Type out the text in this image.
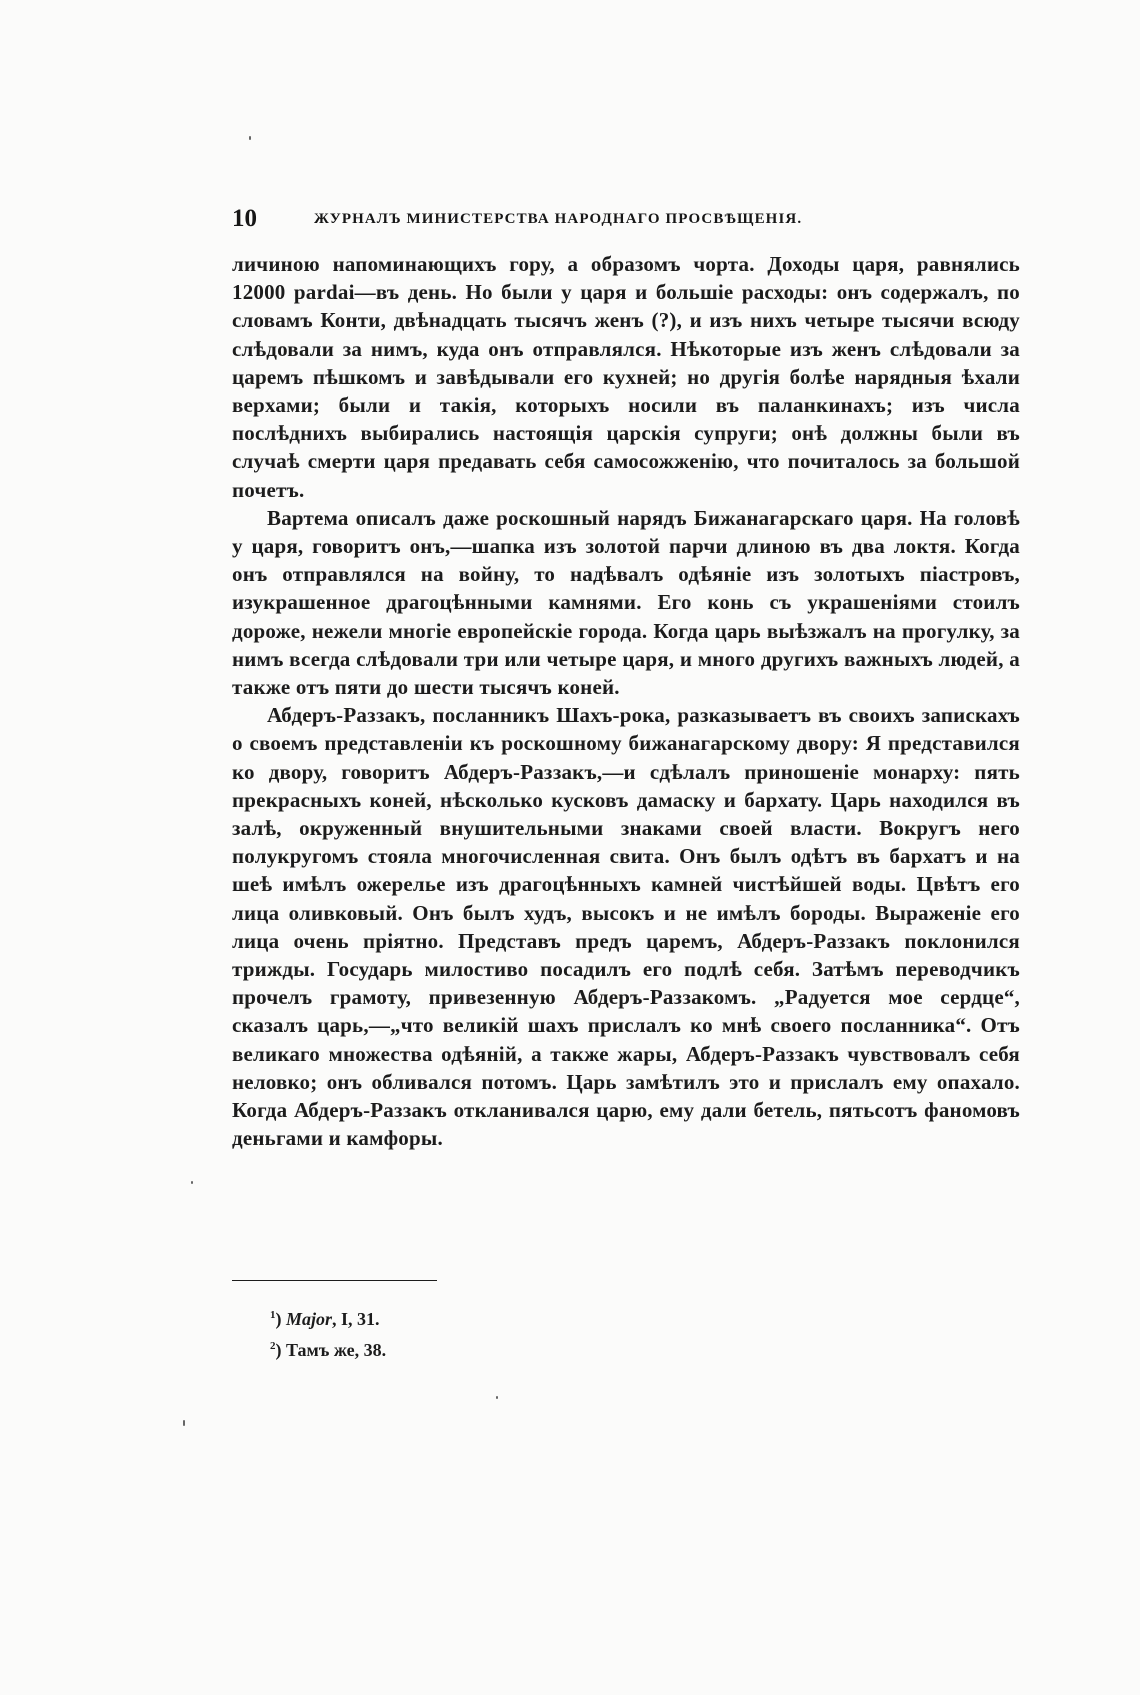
10	ЖУРНАЛЪ МИНИСТЕРСТВА НАРОДНАГО ПРОСВѢЩЕНІЯ.

личиною напоминающихъ гору, а образомъ чорта. Доходы царя, равнялись 12000 pardai—въ день. Но были у царя и большіе расходы: онъ содержалъ, по словамъ Конти, двѣнадцать тысячъ женъ (?), и изъ нихъ четыре тысячи всюду слѣдовали за нимъ, куда онъ отправлялся. Нѣкоторые изъ женъ слѣдовали за царемъ пѣшкомъ и завѣдывали его кухней; но другія болѣе нарядныя ѣхали верхами; были и такія, которыхъ носили въ паланкинахъ; изъ числа послѣднихъ выбирались настоящія царскія супруги; онѣ должны были въ случаѣ смерти царя предавать себя самосожженію, что почиталось за большой почетъ.

Вартема описалъ даже роскошный нарядъ Бижанагарскаго царя. На головѣ у царя, говоритъ онъ,—шапка изъ золотой парчи длиною въ два локтя. Когда онъ отправлялся на войну, то надѣвалъ одѣяніе изъ золотыхъ піастровъ, изукрашенное драгоцѣнными камнями. Его конь съ украшеніями стоилъ дороже, нежели многіе европейскіе города. Когда царь выѣзжалъ на прогулку, за нимъ всегда слѣдовали три или четыре царя, и много другихъ важныхъ людей, а также отъ пяти до шести тысячъ коней.

Абдеръ-Раззакъ, посланникъ Шахъ-рока, разказываетъ въ своихъ запискахъ о своемъ представленіи къ роскошному бижанагарскому двору: Я представился ко двору, говоритъ Абдеръ-Раззакъ,—и сдѣлалъ приношеніе монарху: пять прекрасныхъ коней, нѣсколько кусковъ дамаску и бархату. Царь находился въ залѣ, окруженный внушительными знаками своей власти. Вокругъ него полукругомъ стояла многочисленная свита. Онъ былъ одѣтъ въ бархатъ и на шеѣ имѣлъ ожерелье изъ драгоцѣнныхъ камней чистѣйшей воды. Цвѣтъ его лица оливковый. Онъ былъ худъ, высокъ и не имѣлъ бороды. Выраженіе его лица очень пріятно. Представъ предъ царемъ, Абдеръ-Раззакъ поклонился трижды. Государь милостиво посадилъ его подлѣ себя. Затѣмъ переводчикъ прочелъ грамоту, привезенную Абдеръ-Раззакомъ. „Радуется мое сердце“, сказалъ царь,—„что великій шахъ прислалъ ко мнѣ своего посланника“. Отъ великаго множества одѣяній, а также жары, Абдеръ-Раззакъ чувствовалъ себя неловко; онъ обливался потомъ. Царь замѣтилъ это и прислалъ ему опахало. Когда Абдеръ-Раззакъ откланивался царю, ему дали бетель, пятьсотъ фаномовъ деньгами и камфоры.

$^1$) Major, I, 31.
$^2$) Тамъ же, 38.
